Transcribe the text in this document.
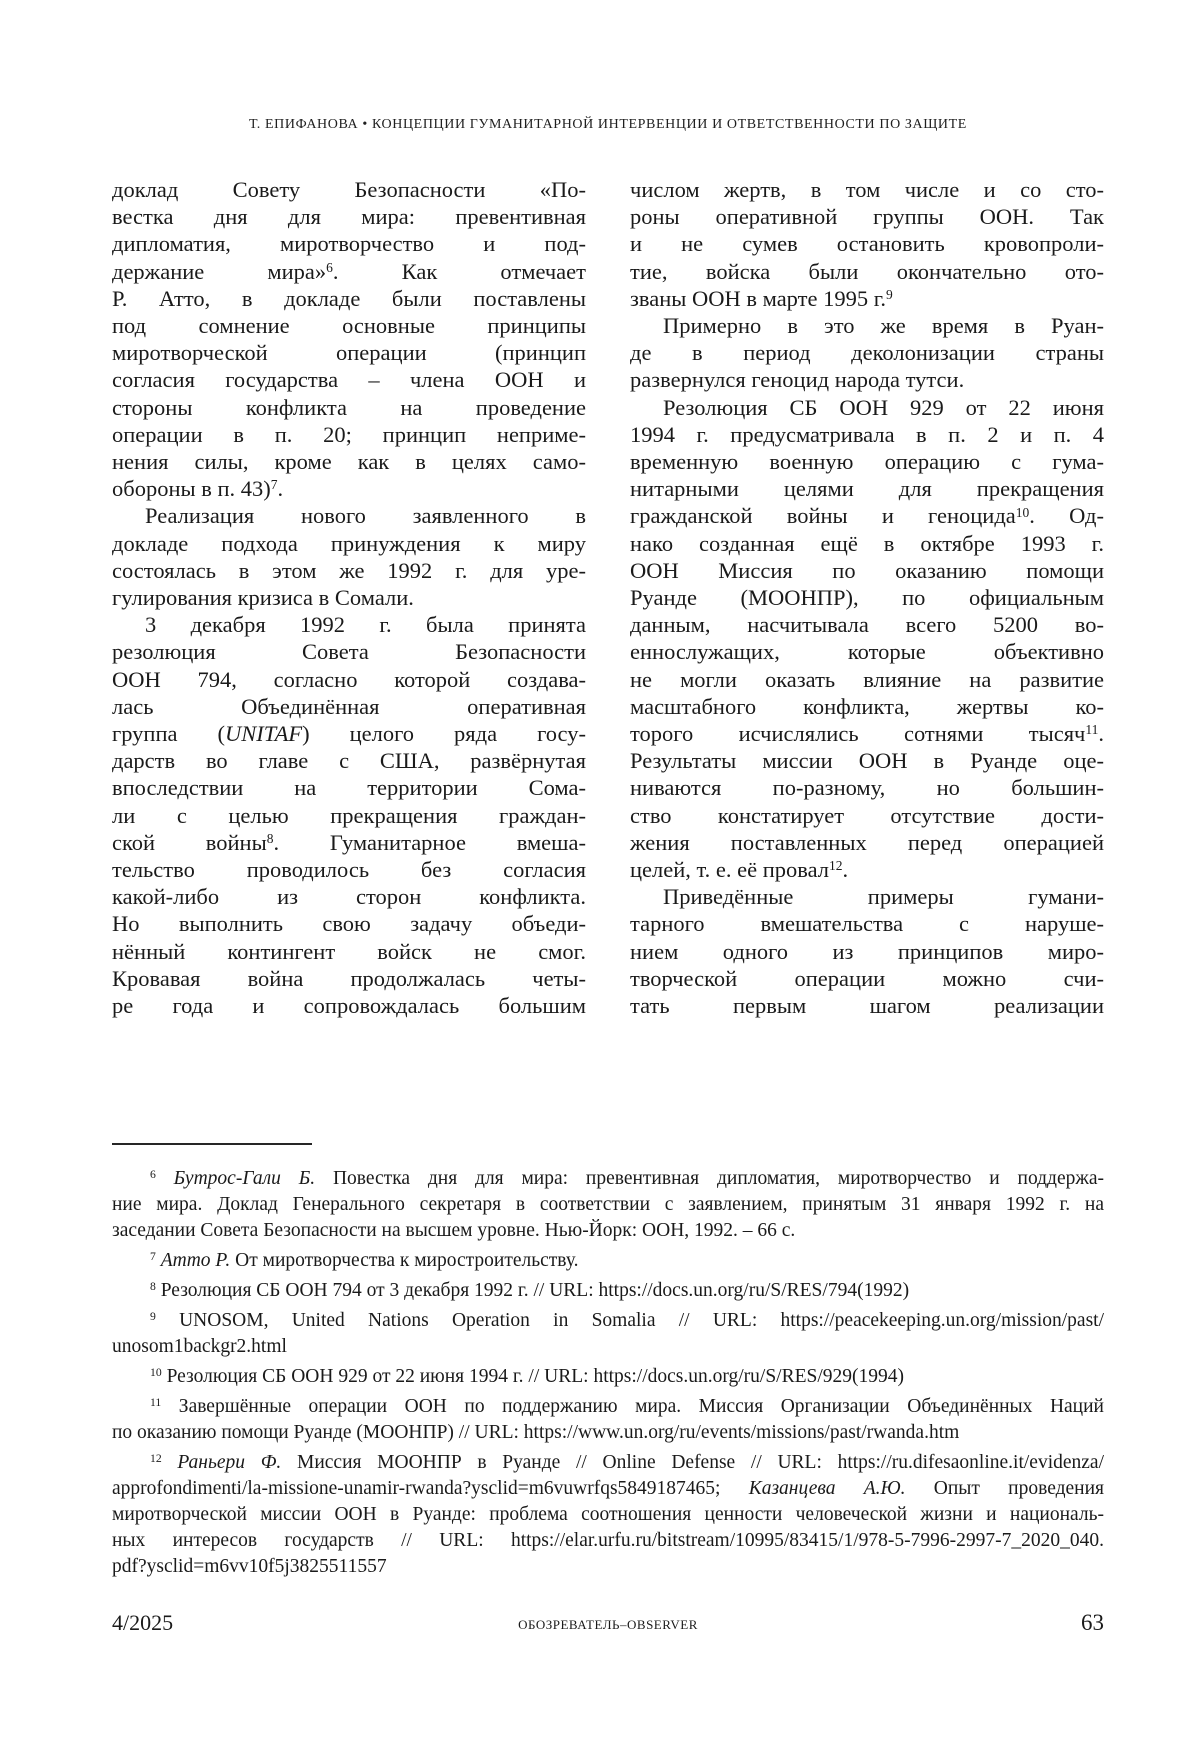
Т. ЕПИФАНОВА • КОНЦЕПЦИИ ГУМАНИТАРНОЙ ИНТЕРВЕНЦИИ И ОТВЕТСТВЕННОСТИ ПО ЗАЩИТЕ
доклад Совету Безопасности «По-
вестка дня для мира: превентивная
дипломатия, миротворчество и под-
держание мира»$^6$. Как отмечает
Р. Атто, в докладе были поставлены
под сомнение основные принципы
миротворческой операции (принцип
согласия государства – члена ООН и
стороны конфликта на проведение
операции в п. 20; принцип неприме-
нения силы, кроме как в целях само-
обороны в п. 43)$^7$.
Реализация нового заявленного в
докладе подхода принуждения к миру
состоялась в этом же 1992 г. для уре-
гулирования кризиса в Сомали.
3 декабря 1992 г. была принята
резолюция Совета Безопасности
ООН 794, согласно которой создава-
лась Объединённая оперативная
группа (UNITAF) целого ряда госу-
дарств во главе с США, развёрнутая
впоследствии на территории Сома-
ли с целью прекращения граждан-
ской войны$^8$. Гуманитарное вмеша-
тельство проводилось без согласия
какой-либо из сторон конфликта.
Но выполнить свою задачу объеди-
нённый контингент войск не смог.
Кровавая война продолжалась четы-
ре года и сопровождалась большим
числом жертв, в том числе и со сто-
роны оперативной группы ООН. Так
и не сумев остановить кровопроли-
тие, войска были окончательно ото-
званы ООН в марте 1995 г.$^9$
Примерно в это же время в Руан-
де в период деколонизации страны
развернулся геноцид народа тутси.
Резолюция СБ ООН 929 от 22 июня
1994 г. предусматривала в п. 2 и п. 4
временную военную операцию с гума-
нитарными целями для прекращения
гражданской войны и геноцида$^{10}$. Од-
нако созданная ещё в октябре 1993 г.
ООН Миссия по оказанию помощи
Руанде (МООНПР), по официальным
данным, насчитывала всего 5200 во-
еннослужащих, которые объективно
не могли оказать влияние на развитие
масштабного конфликта, жертвы ко-
торого исчислялись сотнями тысяч$^{11}$.
Результаты миссии ООН в Руанде оце-
ниваются по-разному, но большин-
ство констатирует отсутствие дости-
жения поставленных перед операцией
целей, т. е. её провал$^{12}$.
Приведённые примеры гумани-
тарного вмешательства с наруше-
нием одного из принципов миро-
творческой операции можно счи-
тать первым шагом реализации
$^6$ Бутрос-Гали Б. Повестка дня для мира: превентивная дипломатия, миротворчество и поддержа-
ние мира. Доклад Генерального секретаря в соответствии с заявлением, принятым 31 января 1992 г. на
заседании Совета Безопасности на высшем уровне. Нью-Йорк: ООН, 1992. – 66 с.
$^7$ Атто Р. От миротворчества к миростроительству.
$^8$ Резолюция СБ ООН 794 от 3 декабря 1992 г. // URL: https://docs.un.org/ru/S/RES/794(1992)
$^9$ UNOSOM, United Nations Operation in Somalia // URL: https://peacekeeping.un.org/mission/past/
unosom1backgr2.html
$^{10}$ Резолюция СБ ООН 929 от 22 июня 1994 г. // URL: https://docs.un.org/ru/S/RES/929(1994)
$^{11}$ Завершённые операции ООН по поддержанию мира. Миссия Организации Объединённых Наций
по оказанию помощи Руанде (МООНПР) // URL: https://www.un.org/ru/events/missions/past/rwanda.htm
$^{12}$ Раньери Ф. Миссия МООНПР в Руанде // Online Defense // URL: https://ru.difesaonline.it/evidenza/
approfondimenti/la-missione-unamir-rwanda?ysclid=m6vuwrfqs5849187465; Казанцева А.Ю. Опыт проведения
миротворческой миссии ООН в Руанде: проблема соотношения ценности человеческой жизни и националь-
ных интересов государств // URL: https://elar.urfu.ru/bitstream/10995/83415/1/978-5-7996-2997-7_2020_040.
pdf?ysclid=m6vv10f5j3825511557
4/2025	ОБОЗРЕВАТЕЛЬ–OBSERVER	63
